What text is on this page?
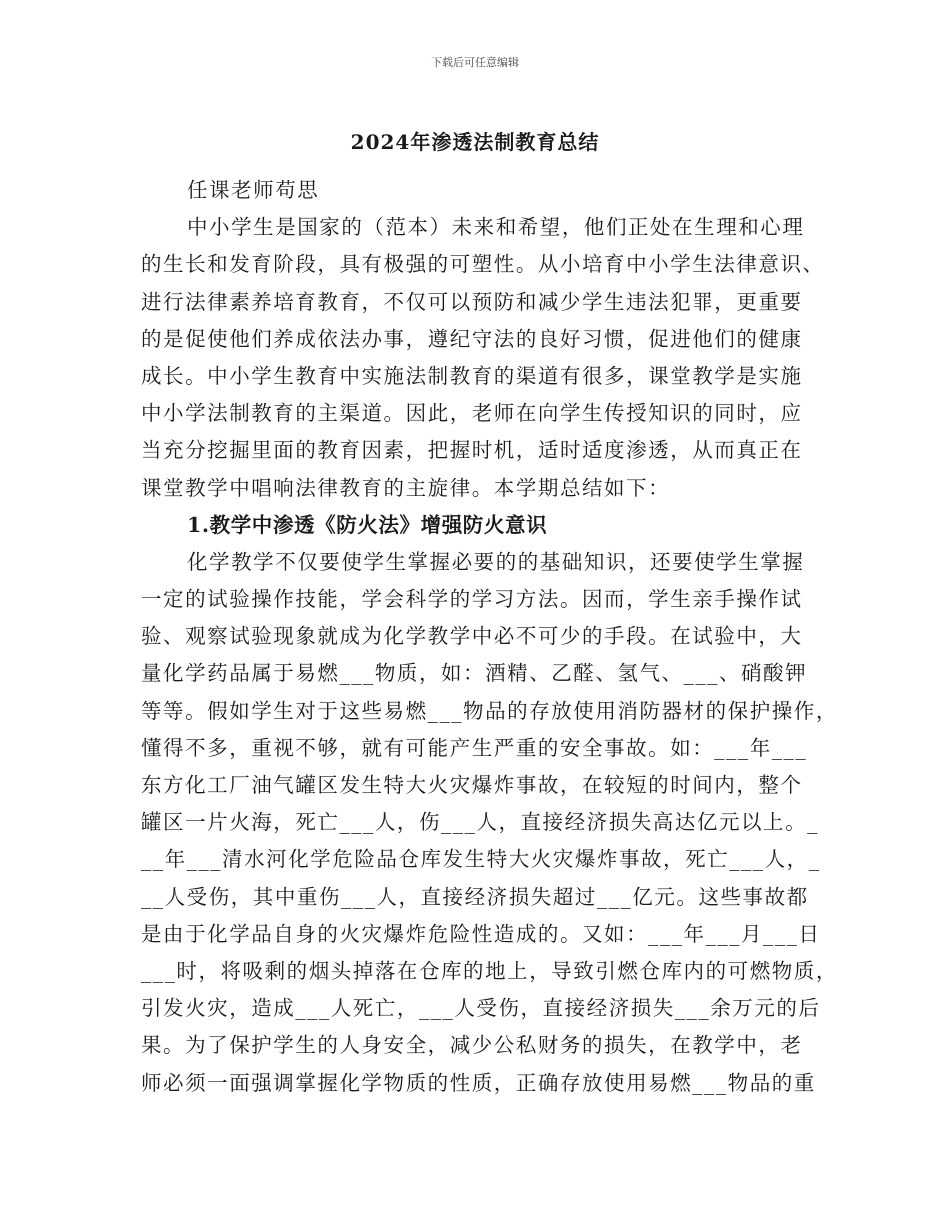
下载后可任意编辑
2024年渗透法制教育总结
任课老师苟思
中小学生是国家的（范本）未来和希望，他们正处在生理和心理
的生长和发育阶段，具有极强的可塑性。从小培育中小学生法律意识、
进行法律素养培育教育，不仅可以预防和减少学生违法犯罪，更重要
的是促使他们养成依法办事，遵纪守法的良好习惯，促进他们的健康
成长。中小学生教育中实施法制教育的渠道有很多，课堂教学是实施
中小学法制教育的主渠道。因此，老师在向学生传授知识的同时，应
当充分挖掘里面的教育因素，把握时机，适时适度渗透，从而真正在
课堂教学中唱响法律教育的主旋律。本学期总结如下：
1.教学中渗透《防火法》增强防火意识
化学教学不仅要使学生掌握必要的的基础知识，还要使学生掌握
一定的试验操作技能，学会科学的学习方法。因而，学生亲手操作试
验、观察试验现象就成为化学教学中必不可少的手段。在试验中，大
量化学药品属于易燃___物质，如：酒精、乙醛、氢气、___、硝酸钾
等等。假如学生对于这些易燃___物品的存放使用消防器材的保护操作，
懂得不多，重视不够，就有可能产生严重的安全事故。如：___年___
东方化工厂油气罐区发生特大火灾爆炸事故，在较短的时间内，整个
罐区一片火海，死亡___人，伤___人，直接经济损失高达亿元以上。_
__年___清水河化学危险品仓库发生特大火灾爆炸事故，死亡___人，_
__人受伤，其中重伤___人，直接经济损失超过___亿元。这些事故都
是由于化学品自身的火灾爆炸危险性造成的。又如：___年___月___日
___时，将吸剩的烟头掉落在仓库的地上，导致引燃仓库内的可燃物质，
引发火灾，造成___人死亡，___人受伤，直接经济损失___余万元的后
果。为了保护学生的人身安全，减少公私财务的损失，在教学中，老
师必须一面强调掌握化学物质的性质，正确存放使用易燃___物品的重
